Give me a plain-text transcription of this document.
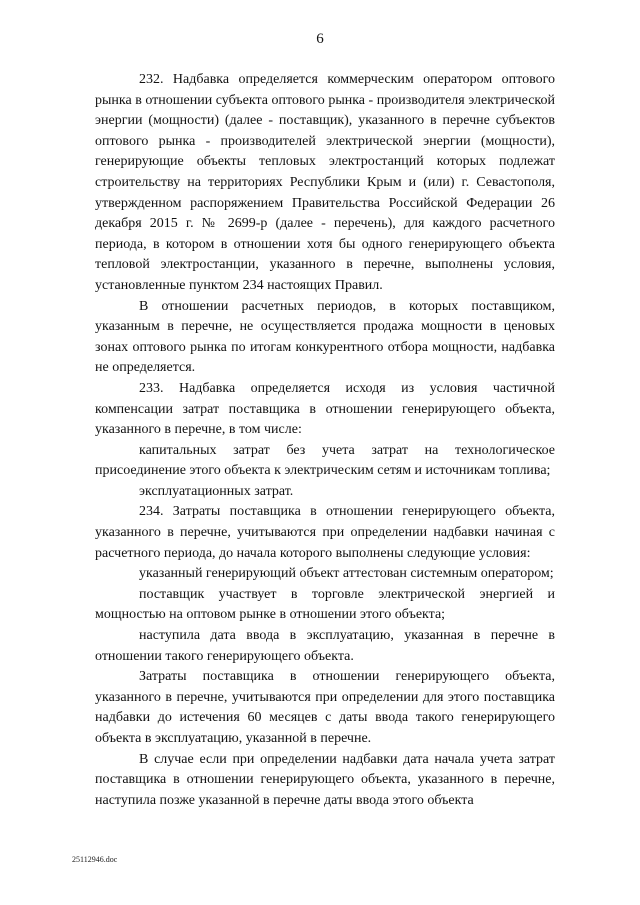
6

232. Надбавка определяется коммерческим оператором оптового рынка в отношении субъекта оптового рынка - производителя электрической энергии (мощности) (далее - поставщик), указанного в перечне субъектов оптового рынка - производителей электрической энергии (мощности), генерирующие объекты тепловых электростанций которых подлежат строительству на территориях Республики Крым и (или) г. Севастополя, утвержденном распоряжением Правительства Российской Федерации 26 декабря 2015 г. № 2699-р (далее - перечень), для каждого расчетного периода, в котором в отношении хотя бы одного генерирующего объекта тепловой электростанции, указанного в перечне, выполнены условия, установленные пунктом 234 настоящих Правил.

В отношении расчетных периодов, в которых поставщиком, указанным в перечне, не осуществляется продажа мощности в ценовых зонах оптового рынка по итогам конкурентного отбора мощности, надбавка не определяется.

233. Надбавка определяется исходя из условия частичной компенсации затрат поставщика в отношении генерирующего объекта, указанного в перечне, в том числе:

капитальных затрат без учета затрат на технологическое присоединение этого объекта к электрическим сетям и источникам топлива;

эксплуатационных затрат.

234. Затраты поставщика в отношении генерирующего объекта, указанного в перечне, учитываются при определении надбавки начиная с расчетного периода, до начала которого выполнены следующие условия:

указанный генерирующий объект аттестован системным оператором;

поставщик участвует в торговле электрической энергией и мощностью на оптовом рынке в отношении этого объекта;

наступила дата ввода в эксплуатацию, указанная в перечне в отношении такого генерирующего объекта.

Затраты поставщика в отношении генерирующего объекта, указанного в перечне, учитываются при определении для этого поставщика надбавки до истечения 60 месяцев с даты ввода такого генерирующего объекта в эксплуатацию, указанной в перечне.

В случае если при определении надбавки дата начала учета затрат поставщика в отношении генерирующего объекта, указанного в перечне, наступила позже указанной в перечне даты ввода этого объекта

25112946.doc
